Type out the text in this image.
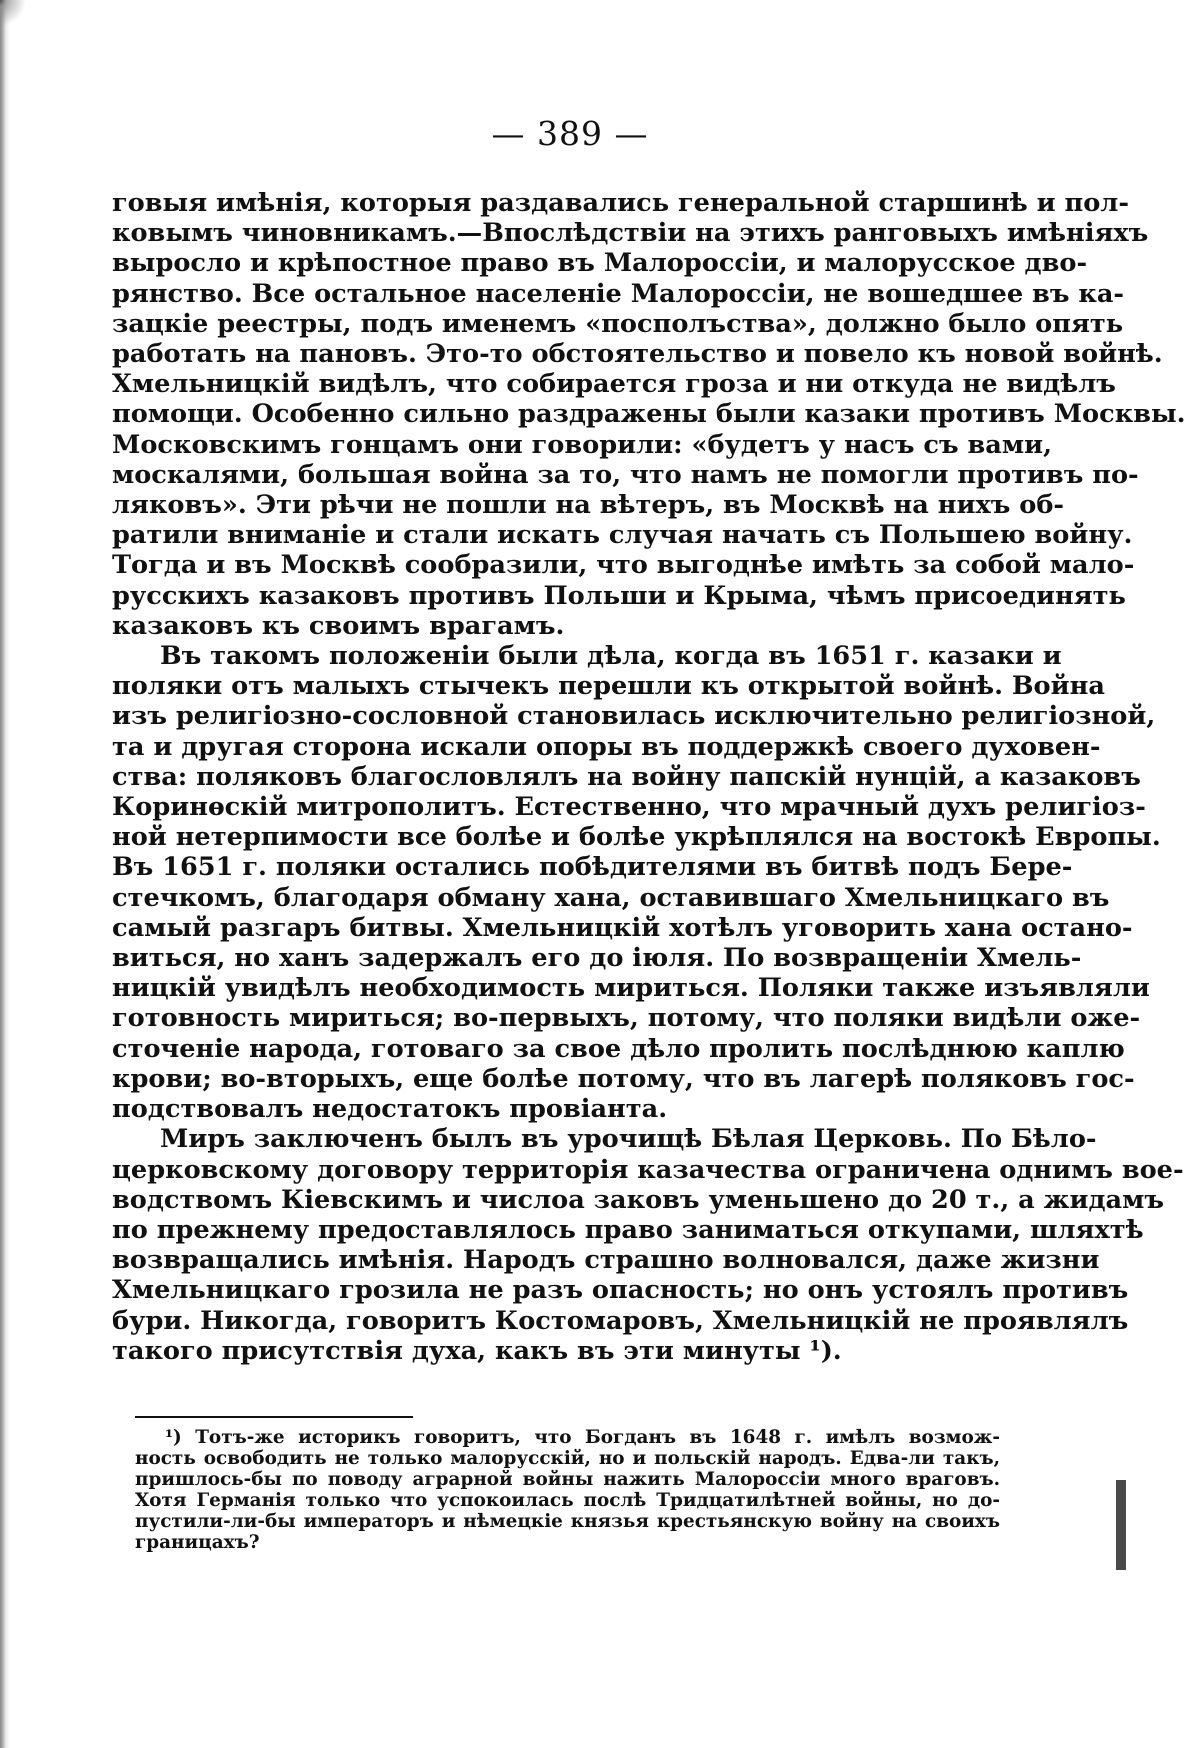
— 389 —
говыя имѣнія, которыя раздавались генеральной старшинѣ и пол-
ковымъ чиновникамъ.—Впослѣдствіи на этихъ ранговыхъ имѣніяхъ
выросло и крѣпостное право въ Малороссіи, и малорусское дво-
рянство. Все остальное населеніе Малороссіи, не вошедшее въ ка-
зацкіе реестры, подъ именемъ «посполъства», должно было опять
работать на пановъ. Это-то обстоятельство и повело къ новой войнѣ.
Хмельницкій видѣлъ, что собирается гроза и ни откуда не видѣлъ
помощи. Особенно сильно раздражены были казаки противъ Москвы.
Московскимъ гонцамъ они говорили: «будетъ у насъ съ вами,
москалями, большая война за то, что намъ не помогли противъ по-
ляковъ». Эти рѣчи не пошли на вѣтеръ, въ Москвѣ на нихъ об-
ратили вниманіе и стали искать случая начать съ Польшею войну.
Тогда и въ Москвѣ сообразили, что выгоднѣе имѣть за собой мало-
русскихъ казаковъ противъ Польши и Крыма, чѣмъ присоединять
казаковъ къ своимъ врагамъ.
Въ такомъ положеніи были дѣла, когда въ 1651 г. казаки и
поляки отъ малыхъ стычекъ перешли къ открытой войнѣ. Война
изъ религіозно-сословной становилась исключительно религіозной,
та и другая сторона искали опоры въ поддержкѣ своего духовен-
ства: поляковъ благословлялъ на войну папскій нунцій, а казаковъ
Коринѳскій митрополитъ. Естественно, что мрачный духъ религіоз-
ной нетерпимости все болѣе и болѣе укрѣплялся на востокѣ Европы.
Въ 1651 г. поляки остались побѣдителями въ битвѣ подъ Бере-
стечкомъ, благодаря обману хана, оставившаго Хмельницкаго въ
самый разгаръ битвы. Хмельницкій хотѣлъ уговорить хана остано-
виться, но ханъ задержалъ его до іюля. По возвращеніи Хмель-
ницкій увидѣлъ необходимость мириться. Поляки также изъявляли
готовность мириться; во-первыхъ, потому, что поляки видѣли оже-
сточеніе народа, готоваго за свое дѣло пролить послѣднюю каплю
крови; во-вторыхъ, еще болѣе потому, что въ лагерѣ поляковъ гос-
подствовалъ недостатокъ провіанта.
Миръ заключенъ былъ въ урочищѣ Бѣлая Церковь. По Бѣло-
церковскому договору территорія казачества ограничена однимъ вое-
водствомъ Кіевскимъ и числоа заковъ уменьшено до 20 т., а жидамъ
по прежнему предоставлялось право заниматься откупами, шляхтѣ
возвращались имѣнія. Народъ страшно волновался, даже жизни
Хмельницкаго грозила не разъ опасность; но онъ устоялъ противъ
бури. Никогда, говоритъ Костомаровъ, Хмельницкій не проявлялъ
такого присутствія духа, какъ въ эти минуты ¹).
¹) Тотъ-же историкъ говоритъ, что Богданъ въ 1648 г. имѣлъ возмож-
ность освободить не только малорусскій, но и польскій народъ. Едва-ли такъ,
пришлось-бы по поводу аграрной войны нажить Малороссіи много враговъ.
Хотя Германія только что успокоилась послѣ Тридцатилѣтней войны, но до-
пустили-ли-бы императоръ и нѣмецкіе князья крестьянскую войну на своихъ
границахъ?
